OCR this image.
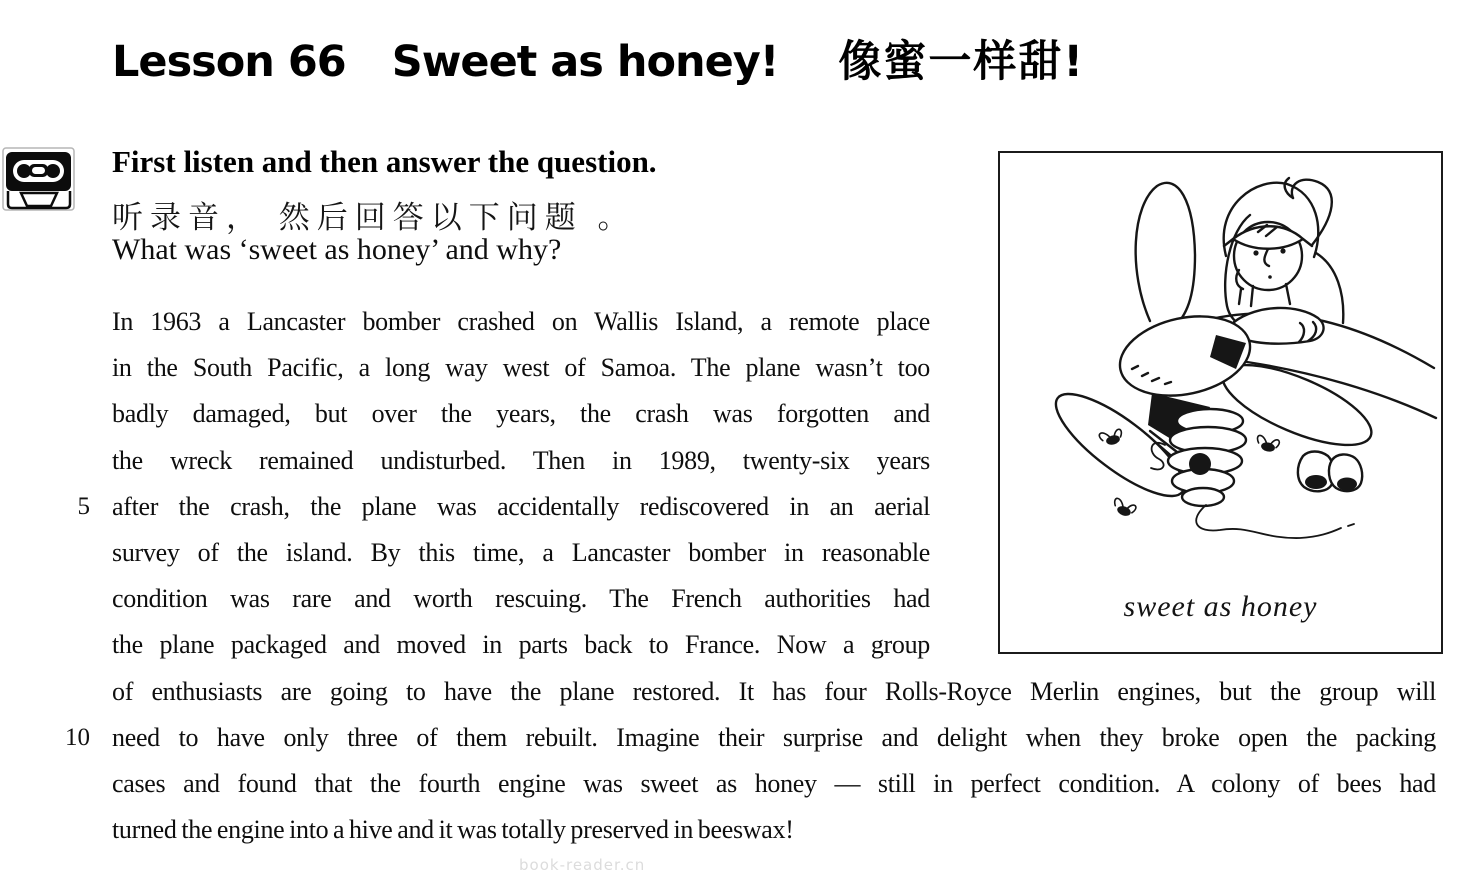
Lesson 66 Sweet as honey! 像蜜一样甜!
First listen and then answer the question.
听录音， 然后回答以下问题 。
What was ‘sweet as honey’ and why?
In 1963 a Lancaster bomber crashed on Wallis Island, a remote place
in the South Pacific, a long way west of Samoa. The plane wasn’t too
badly damaged, but over the years, the crash was forgotten and
the wreck remained undisturbed. Then in 1989, twenty-six years
5 after the crash, the plane was accidentally rediscovered in an aerial
survey of the island. By this time, a Lancaster bomber in reasonable
condition was rare and worth rescuing. The French authorities had
the plane packaged and moved in parts back to France. Now a group
of enthusiasts are going to have the plane restored. It has four Rolls-Royce Merlin engines, but the group will
10 need to have only three of them rebuilt. Imagine their surprise and delight when they broke open the packing
cases and found that the fourth engine was sweet as honey — still in perfect condition. A colony of bees had
turned the engine into a hive and it was totally preserved in beeswax!
sweet as honey
book-reader.cn
